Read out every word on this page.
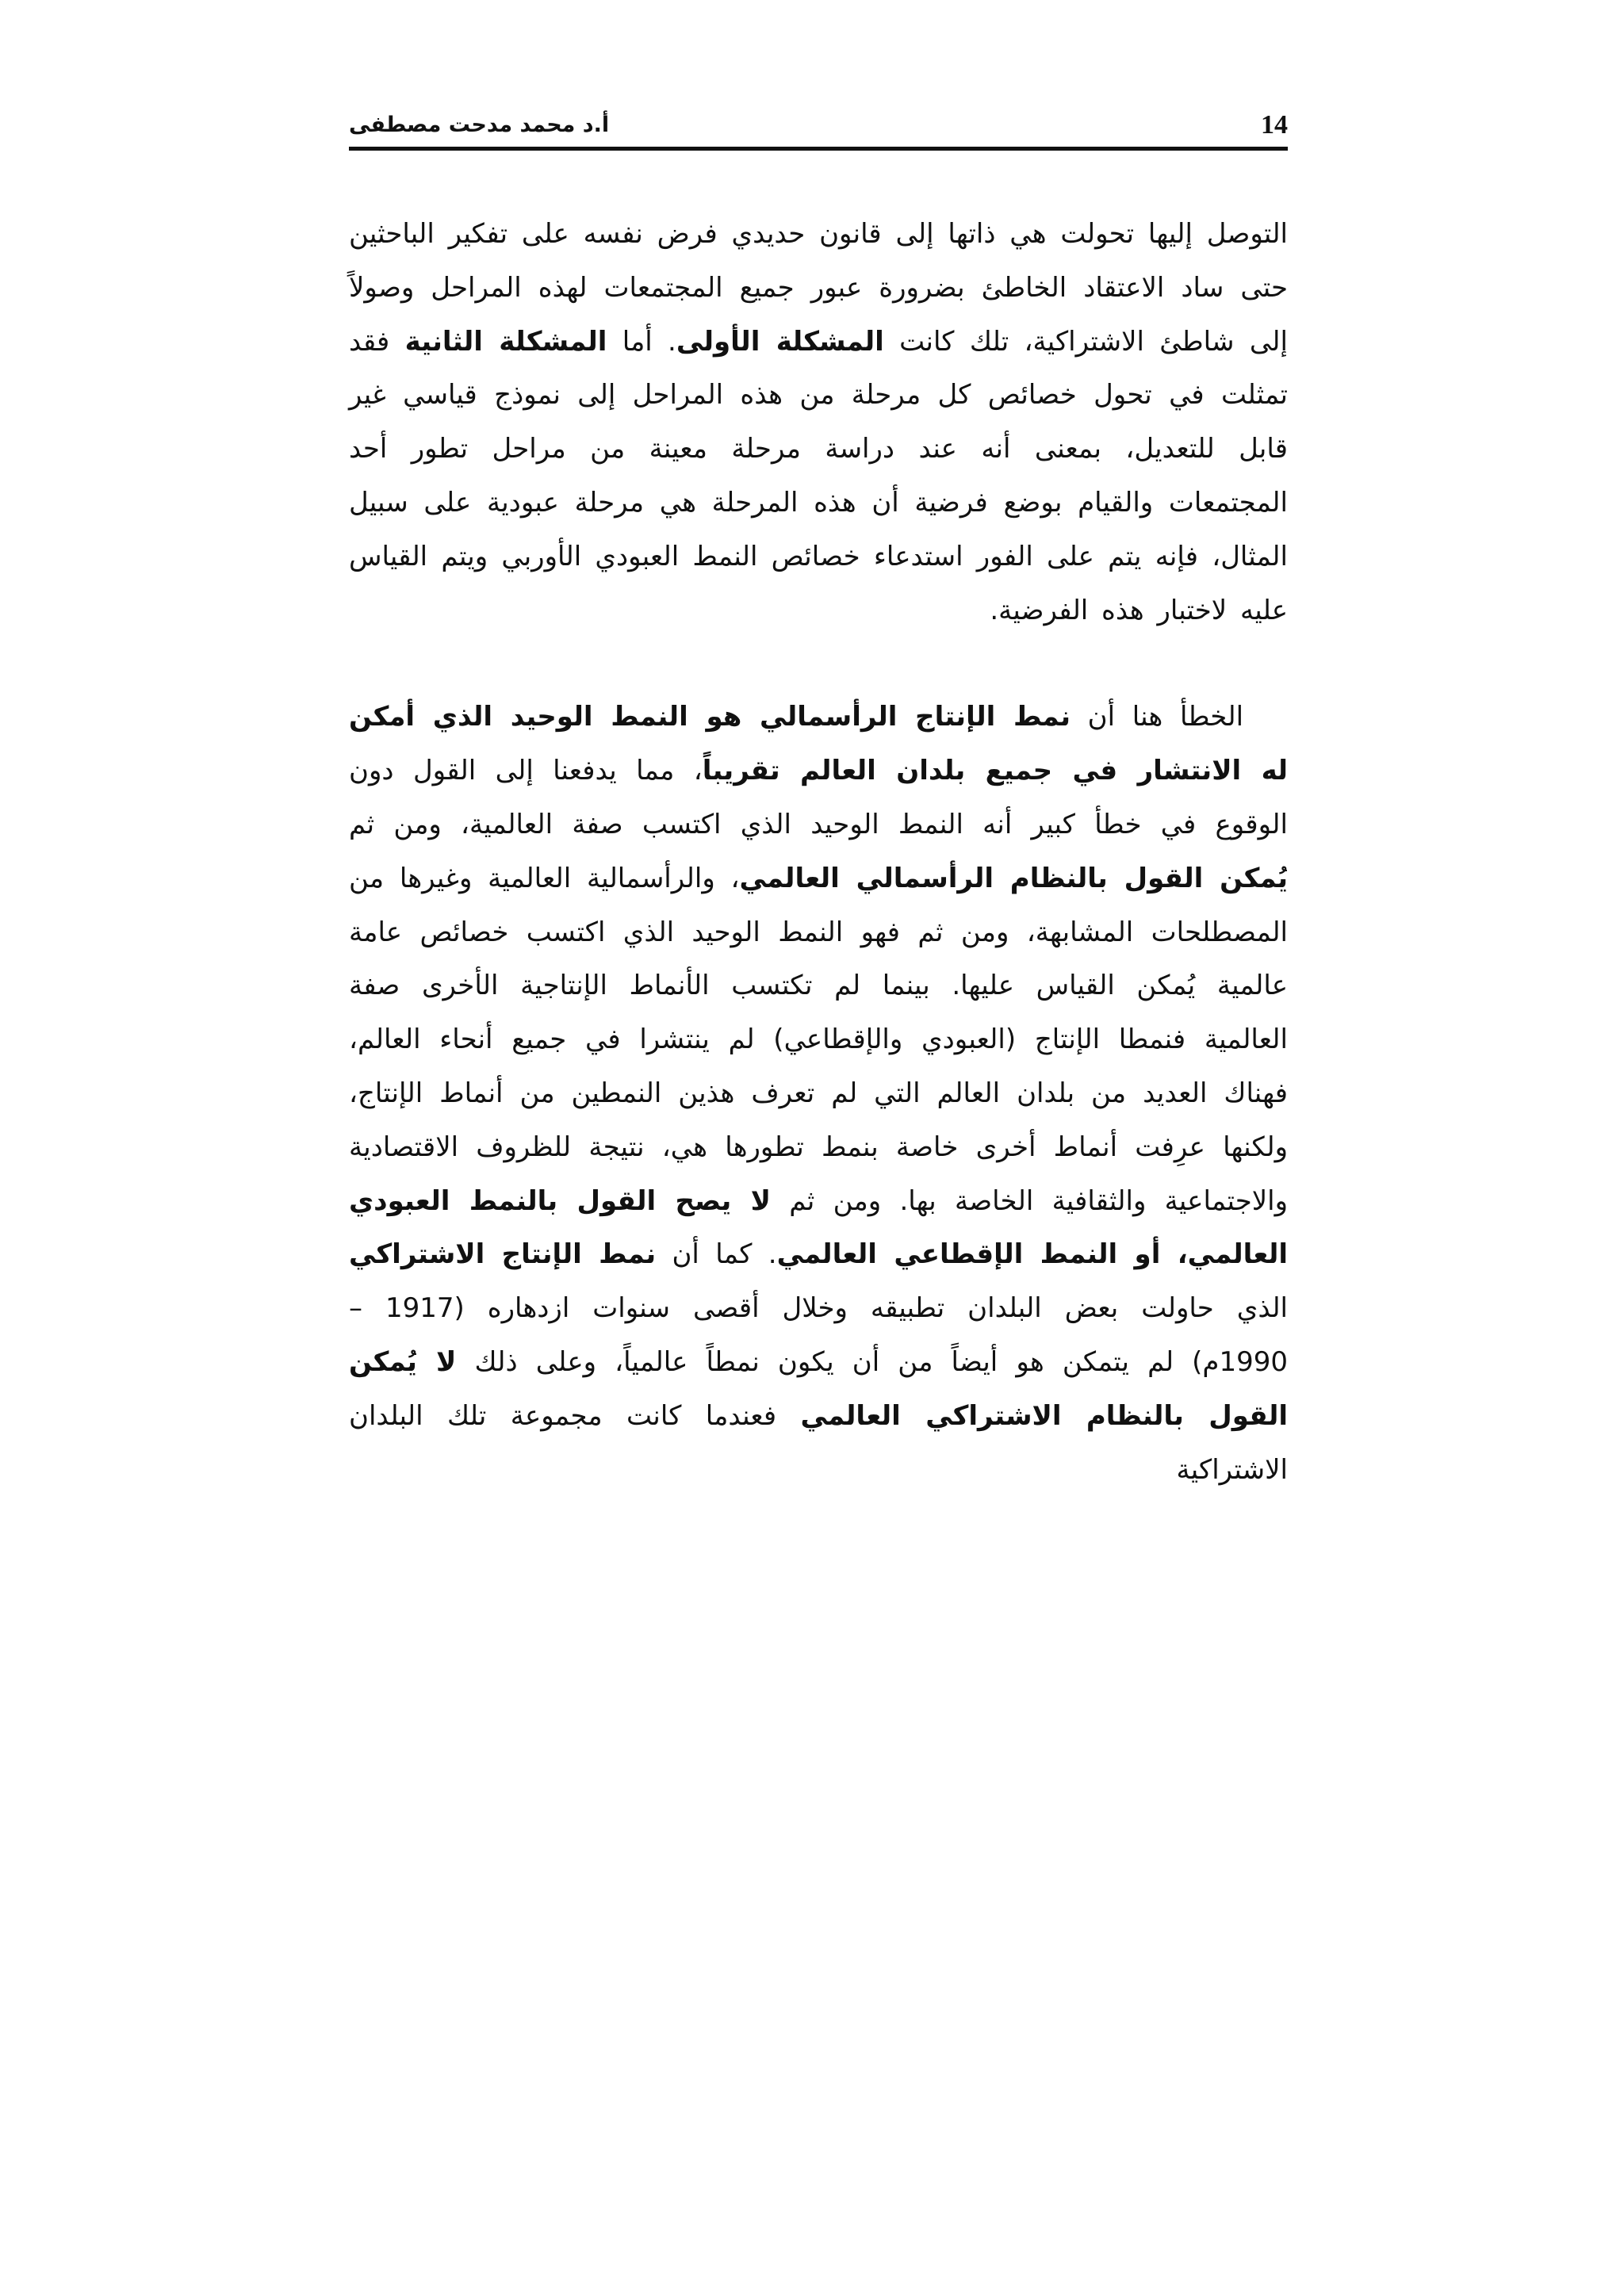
أ.د محمد مدحت مصطفى	14

التوصل إليها تحولت هي ذاتها إلى قانون حديدي فرض نفسه على تفكير الباحثين حتى ساد الاعتقاد الخاطئ بضرورة عبور جميع المجتمعات لهذه المراحل وصولاً إلى شاطئ الاشتراكية، تلك كانت المشكلة الأولى. أما المشكلة الثانية فقد تمثلت في تحول خصائص كل مرحلة من هذه المراحل إلى نموذج قياسي غير قابل للتعديل، بمعنى أنه عند دراسة مرحلة معينة من مراحل تطور أحد المجتمعات والقيام بوضع فرضية أن هذه المرحلة هي مرحلة عبودية على سبيل المثال، فإنه يتم على الفور استدعاء خصائص النمط العبودي الأوربي ويتم القياس عليه لاختبار هذه الفرضية.

الخطأ هنا أن نمط الإنتاج الرأسمالي هو النمط الوحيد الذي أمكن له الانتشار في جميع بلدان العالم تقريباً، مما يدفعنا إلى القول دون الوقوع في خطأ كبير أنه النمط الوحيد الذي اكتسب صفة العالمية، ومن ثم يُمكن القول بالنظام الرأسمالي العالمي، والرأسمالية العالمية وغيرها من المصطلحات المشابهة، ومن ثم فهو النمط الوحيد الذي اكتسب خصائص عامة عالمية يُمكن القياس عليها. بينما لم تكتسب الأنماط الإنتاجية الأخرى صفة العالمية فنمطا الإنتاج (العبودي والإقطاعي) لم ينتشرا في جميع أنحاء العالم، فهناك العديد من بلدان العالم التي لم تعرف هذين النمطين من أنماط الإنتاج، ولكنها عرِفت أنماط أخرى خاصة بنمط تطورها هي، نتيجة للظروف الاقتصادية والاجتماعية والثقافية الخاصة بها. ومن ثم لا يصح القول بالنمط العبودي العالمي، أو النمط الإقطاعي العالمي. كما أن نمط الإنتاج الاشتراكي الذي حاولت بعض البلدان تطبيقه وخلال أقصى سنوات ازدهاره (1917 – 1990م) لم يتمكن هو أيضاً من أن يكون نمطاً عالمياً، وعلى ذلك لا يُمكن القول بالنظام الاشتراكي العالمي فعندما كانت مجموعة تلك البلدان الاشتراكية
